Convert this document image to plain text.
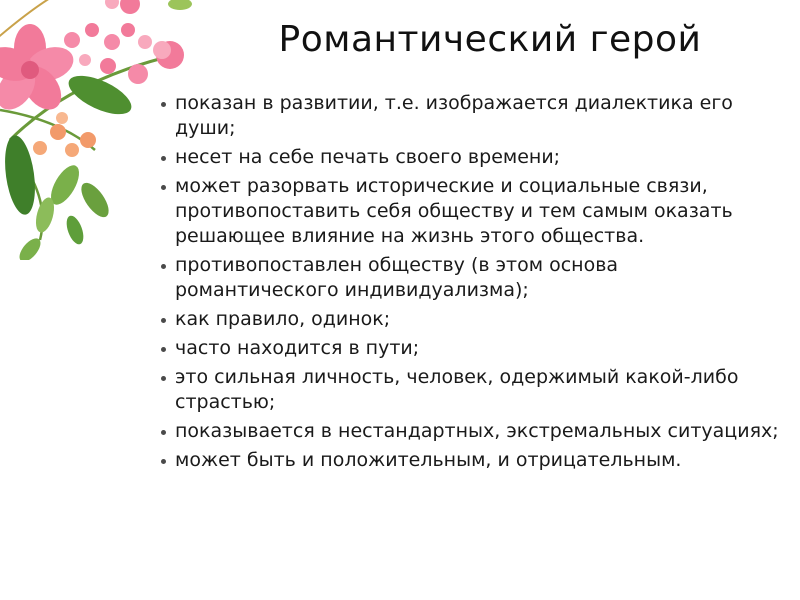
Романтический герой
показан в развитии, т.е. изображается диалектика его души;
несет на себе печать своего времени;
может разорвать исторические и социальные связи, противопоставить себя обществу и тем самым оказать решающее влияние на жизнь этого общества.
противопоставлен обществу (в этом основа романтического индивидуализма);
как правило, одинок;
часто находится в пути;
это сильная личность, человек, одержимый какой-либо страстью;
показывается в нестандартных, экстремальных ситуациях;
может быть и положительным, и отрицательным.
